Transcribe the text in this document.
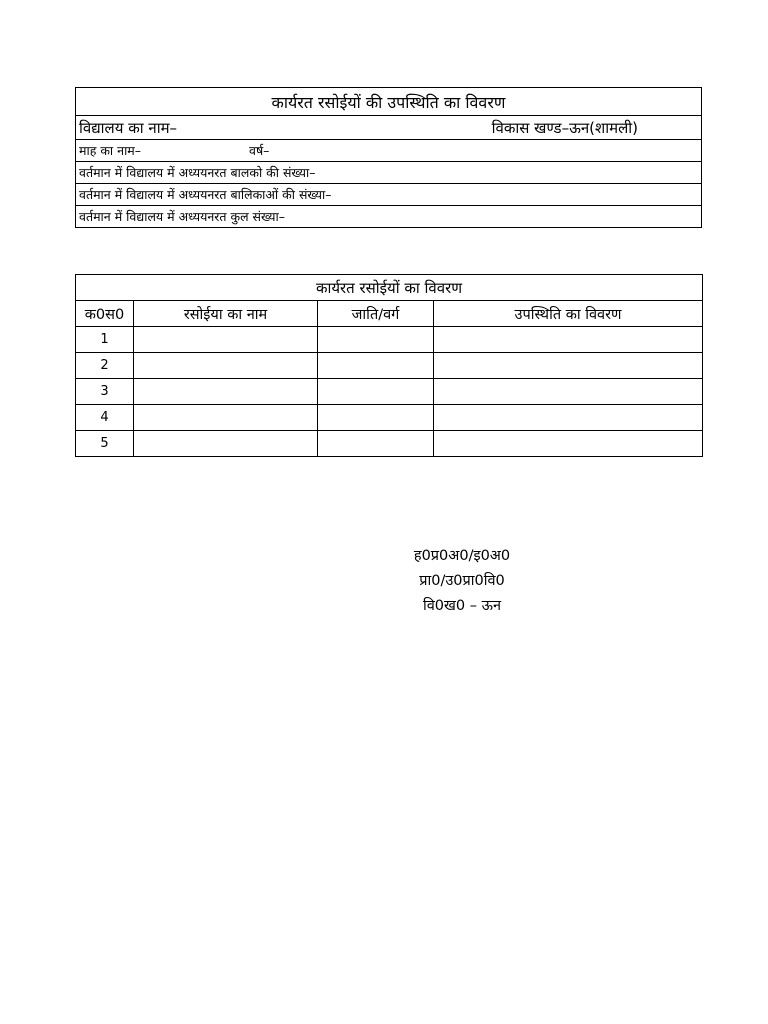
कार्यरत रसोईयों की उपस्थिति का विवरण

विद्यालय का नाम–	विकास खण्ड–ऊन(शामली)

माह का नाम–	वर्ष–
वर्तमान में विद्यालय में अध्ययनरत बालको की संख्या–
वर्तमान में विद्यालय में अध्ययनरत बालिकाओं की संख्या–
वर्तमान में विद्यालय में अध्ययनरत कुल संख्या–
कार्यरत रसोईयों का विवरण			
क0स0	रसोईया का नाम	जाति/वर्ग	उपस्थिति का विवरण
1			
2			
3			
4			
5			
ह0प्र0अ0/इ0अ0
प्रा0/उ0प्रा0वि0
वि0ख0 – ऊन
